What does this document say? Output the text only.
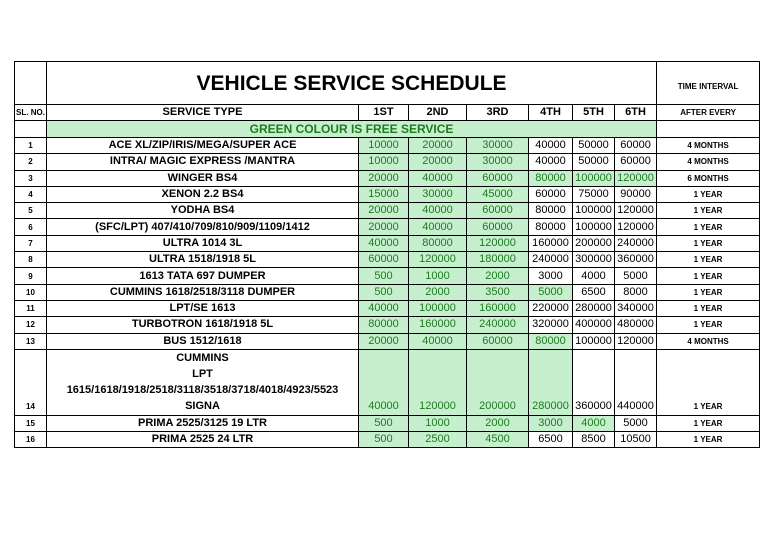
	VEHICLE SERVICE SCHEDULE							TIME INTERVAL
SL. NO.	SERVICE TYPE	1ST	2ND	3RD	4TH	5TH	6TH	AFTER EVERY
	GREEN COLOUR IS FREE SERVICE							
1	ACE XL/ZIP/IRIS/MEGA/SUPER ACE	10000	20000	30000	40000	50000	60000	4 MONTHS
2	INTRA/ MAGIC EXPRESS /MANTRA	10000	20000	30000	40000	50000	60000	4 MONTHS
3	WINGER BS4	20000	40000	60000	80000	100000	120000	6 MONTHS
4	XENON 2.2 BS4	15000	30000	45000	60000	75000	90000	1 YEAR
5	YODHA BS4	20000	40000	60000	80000	100000	120000	1 YEAR
6	(SFC/LPT) 407/410/709/810/909/1109/1412	20000	40000	60000	80000	100000	120000	1 YEAR
7	ULTRA 1014 3L	40000	80000	120000	160000	200000	240000	1 YEAR
8	ULTRA 1518/1918 5L	60000	120000	180000	240000	300000	360000	1 YEAR
9	1613 TATA 697 DUMPER	500	1000	2000	3000	4000	5000	1 YEAR
10	CUMMINS 1618/2518/3118 DUMPER	500	2000	3500	5000	6500	8000	1 YEAR
11	LPT/SE 1613	40000	100000	160000	220000	280000	340000	1 YEAR
12	TURBOTRON 1618/1918 5L	80000	160000	240000	320000	400000	480000	1 YEAR
13	BUS 1512/1618	20000	40000	60000	80000	100000	120000	4 MONTHS
14	CUMMINS
LPT
1615/1618/1918/2518/3118/3518/3718/4018/4923/5523
SIGNA	40000	120000	200000	280000	360000	440000	1 YEAR
15	PRIMA 2525/3125 19 LTR	500	1000	2000	3000	4000	5000	1 YEAR
16	PRIMA 2525 24 LTR	500	2500	4500	6500	8500	10500	1 YEAR
